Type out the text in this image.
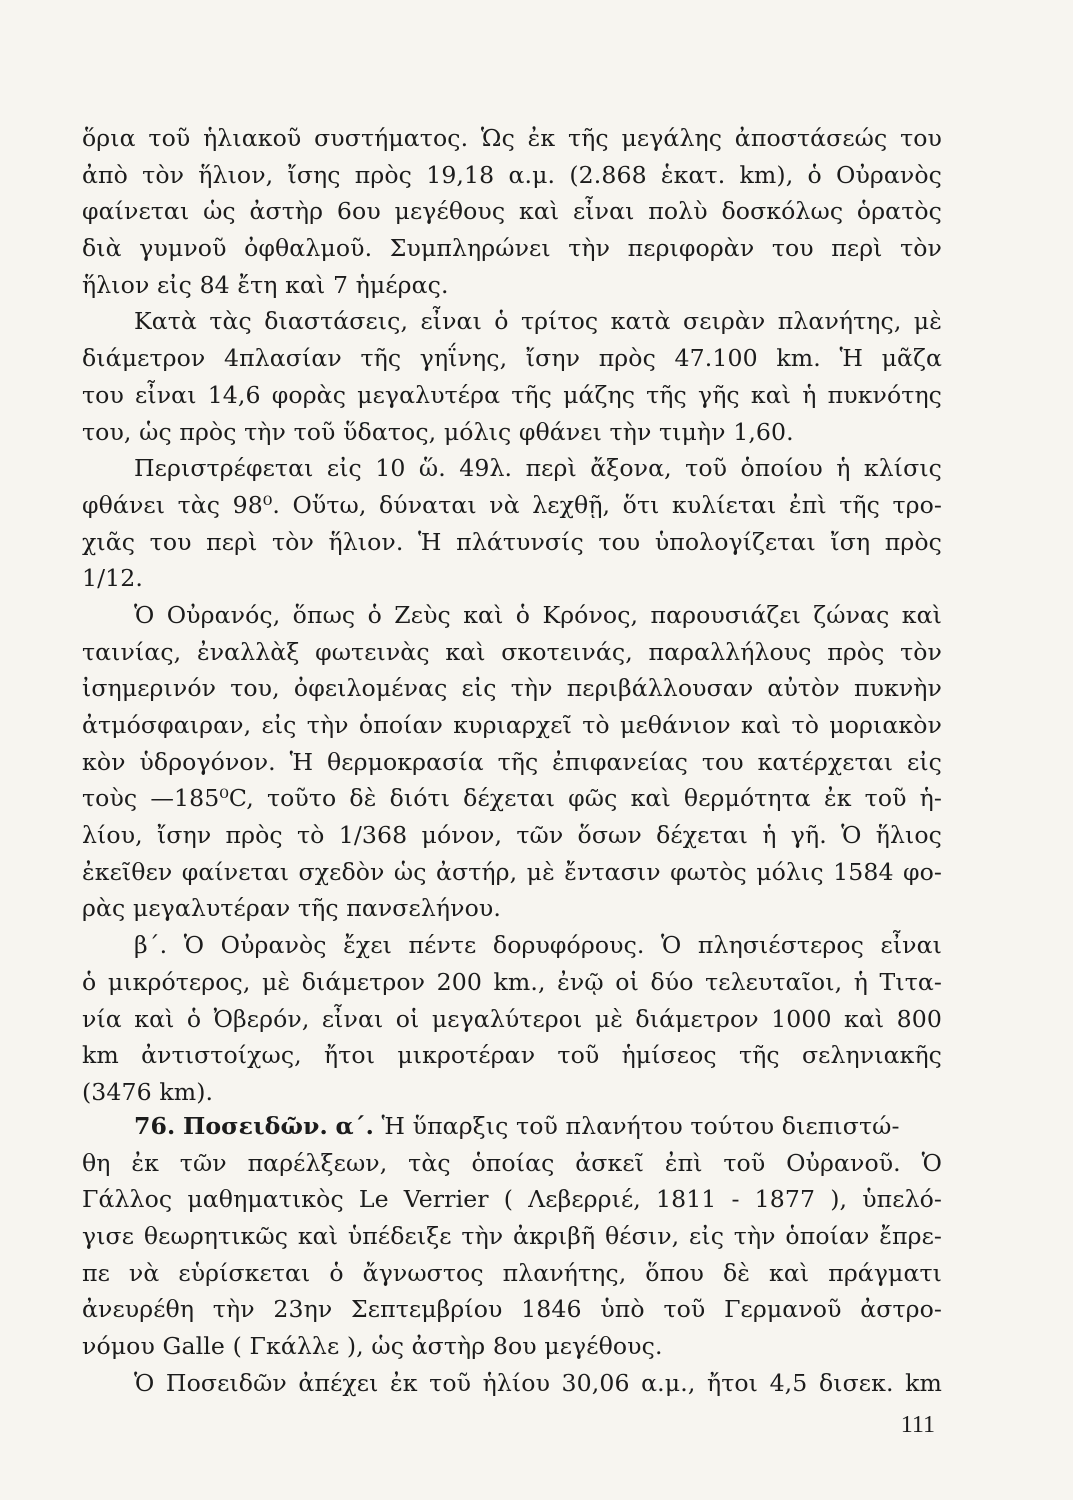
ὅρια τοῦ ἡλιακοῦ συστήματος. Ὡς ἐκ τῆς μεγάλης ἀποστάσεώς του
ἀπὸ τὸν ἥλιον, ἴσης πρὸς 19,18 α.μ. (2.868 ἑκατ. km), ὁ Οὐρανὸς
φαίνεται ὡς ἀστὴρ 6ου μεγέθους καὶ εἶναι πολὺ δοσκόλως ὁρατὸς
διὰ γυμνοῦ ὀφθαλμοῦ. Συμπληρώνει τὴν περιφορὰν του περὶ τὸν
ἥλιον εἰς 84 ἔτη καὶ 7 ἡμέρας.
Κατὰ τὰς διαστάσεις, εἶναι ὁ τρίτος κατὰ σειρὰν πλανήτης, μὲ
διάμετρον 4πλασίαν τῆς γηΐνης, ἴσην πρὸς 47.100 km. Ἡ μᾶζα
του εἶναι 14,6 φορὰς μεγαλυτέρα τῆς μάζης τῆς γῆς καὶ ἡ πυκνότης
του, ὡς πρὸς τὴν τοῦ ὕδατος, μόλις φθάνει τὴν τιμὴν 1,60.
Περιστρέφεται εἰς 10 ὥ. 49λ. περὶ ἄξονα, τοῦ ὁποίου ἡ κλίσις
φθάνει τὰς 98⁰. Οὕτω, δύναται νὰ λεχθῇ, ὅτι κυλίεται ἐπὶ τῆς τρο-
χιᾶς του περὶ τὸν ἥλιον. Ἡ πλάτυνσίς του ὑπολογίζεται ἴση πρὸς
1/12.
Ὁ Οὐρανός, ὅπως ὁ Ζεὺς καὶ ὁ Κρόνος, παρουσιάζει ζώνας καὶ
ταινίας, ἐναλλὰξ φωτεινὰς καὶ σκοτεινάς, παραλλήλους πρὸς τὸν
ἰσημερινόν του, ὀφειλομένας εἰς τὴν περιβάλλουσαν αὐτὸν πυκνὴν
ἀτμόσφαιραν, εἰς τὴν ὁποίαν κυριαρχεῖ τὸ μεθάνιον καὶ τὸ μοριακὸν
κὸν ὑδρογόνον. Ἡ θερμοκρασία τῆς ἐπιφανείας του κατέρχεται εἰς
τοὺς —185⁰C, τοῦτο δὲ διότι δέχεται φῶς καὶ θερμότητα ἐκ τοῦ ἡ-
λίου, ἴσην πρὸς τὸ 1/368 μόνον, τῶν ὅσων δέχεται ἡ γῆ. Ὁ ἥλιος
ἐκεῖθεν φαίνεται σχεδὸν ὡς ἀστήρ, μὲ ἔντασιν φωτὸς μόλις 1584 φο-
ρὰς μεγαλυτέραν τῆς πανσελήνου.
β΄. Ὁ Οὐρανὸς ἔχει πέντε δορυφόρους. Ὁ πλησιέστερος εἶναι
ὁ μικρότερος, μὲ διάμετρον 200 km., ἐνῷ οἱ δύο τελευταῖοι, ἡ Τιτα-
νία καὶ ὁ Ὀβερόν, εἶναι οἱ μεγαλύτεροι μὲ διάμετρον 1000 καὶ 800
km ἀντιστοίχως, ἤτοι μικροτέραν τοῦ ἡμίσεος τῆς σεληνιακῆς
(3476 km).
76. Ποσειδῶν. α΄. Ἡ ὕπαρξις τοῦ πλανήτου τούτου διεπιστώ-
θη ἐκ τῶν παρέλξεων, τὰς ὁποίας ἀσκεῖ ἐπὶ τοῦ Οὐρανοῦ. Ὁ
Γάλλος μαθηματικὸς Le Verrier ( Λεβερριέ, 1811 - 1877 ), ὑπελό-
γισε θεωρητικῶς καὶ ὑπέδειξε τὴν ἀκριβῆ θέσιν, εἰς τὴν ὁποίαν ἔπρε-
πε νὰ εὑρίσκεται ὁ ἄγνωστος πλανήτης, ὅπου δὲ καὶ πράγματι
ἀνευρέθη τὴν 23ην Σεπτεμβρίου 1846 ὑπὸ τοῦ Γερμανοῦ ἀστρο-
νόμου Galle ( Γκάλλε ), ὡς ἀστὴρ 8ου μεγέθους.
Ὁ Ποσειδῶν ἀπέχει ἐκ τοῦ ἡλίου 30,06 α.μ., ἤτοι 4,5 δισεκ. km
111
